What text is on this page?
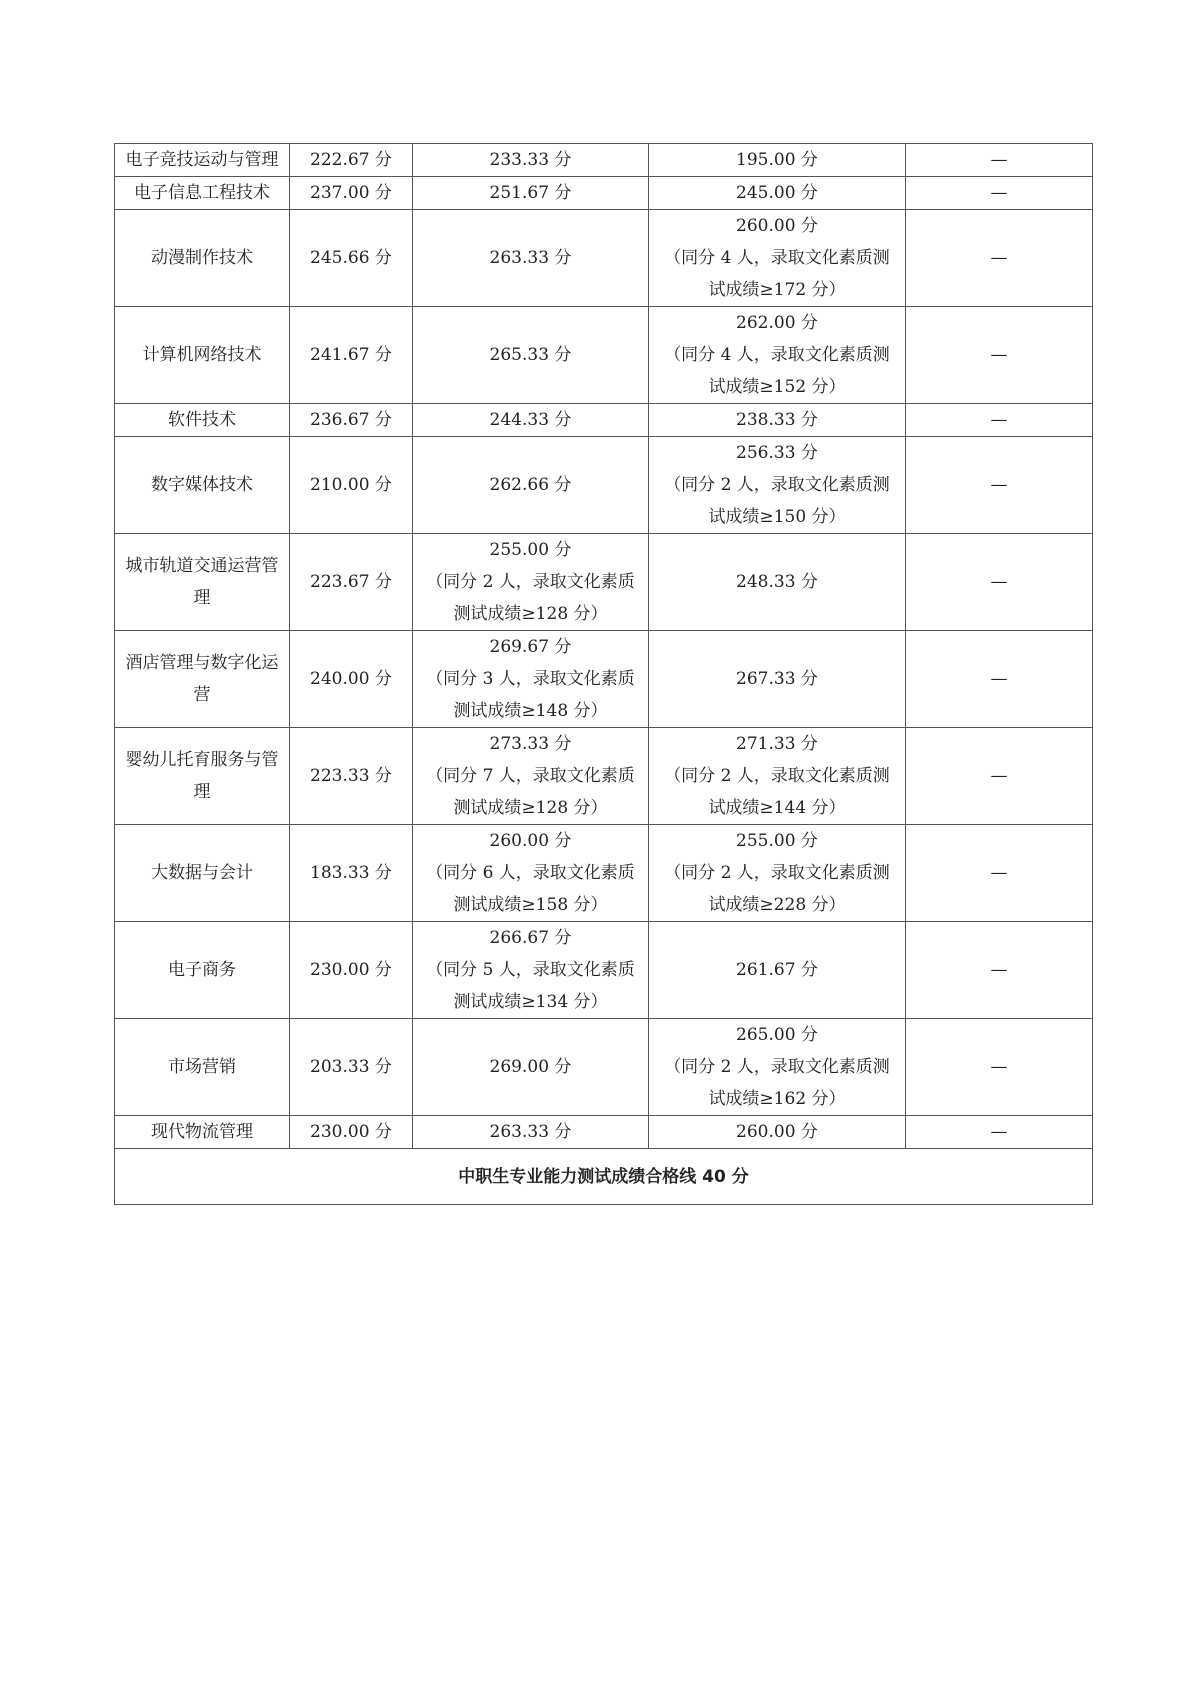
电子竞技运动与管理	222.67 分	233.33 分	195.00 分	—

电子信息工程技术	237.00 分	251.67 分	245.00 分	—

动漫制作技术	245.66 分	263.33 分	260.00 分
（同分 4 人，录取文化素质测
试成绩≥172 分）	—

计算机网络技术	241.67 分	265.33 分	262.00 分
（同分 4 人，录取文化素质测
试成绩≥152 分）	—

软件技术	236.67 分	244.33 分	238.33 分	—

数字媒体技术	210.00 分	262.66 分	256.33 分
（同分 2 人，录取文化素质测
试成绩≥150 分）	—

城市轨道交通运营管理	223.67 分	255.00 分
（同分 2 人，录取文化素质
测试成绩≥128 分）	248.33 分	—

酒店管理与数字化运营	240.00 分	269.67 分
（同分 3 人，录取文化素质
测试成绩≥148 分）	267.33 分	—

婴幼儿托育服务与管理	223.33 分	273.33 分
（同分 7 人，录取文化素质
测试成绩≥128 分）	271.33 分
（同分 2 人，录取文化素质测
试成绩≥144 分）	—

大数据与会计	183.33 分	260.00 分
（同分 6 人，录取文化素质
测试成绩≥158 分）	255.00 分
（同分 2 人，录取文化素质测
试成绩≥228 分）	—

电子商务	230.00 分	266.67 分
（同分 5 人，录取文化素质
测试成绩≥134 分）	261.67 分	—

市场营销	203.33 分	269.00 分	265.00 分
（同分 2 人，录取文化素质测
试成绩≥162 分）	—

现代物流管理	230.00 分	263.33 分	260.00 分	—

中职生专业能力测试成绩合格线 40 分				
